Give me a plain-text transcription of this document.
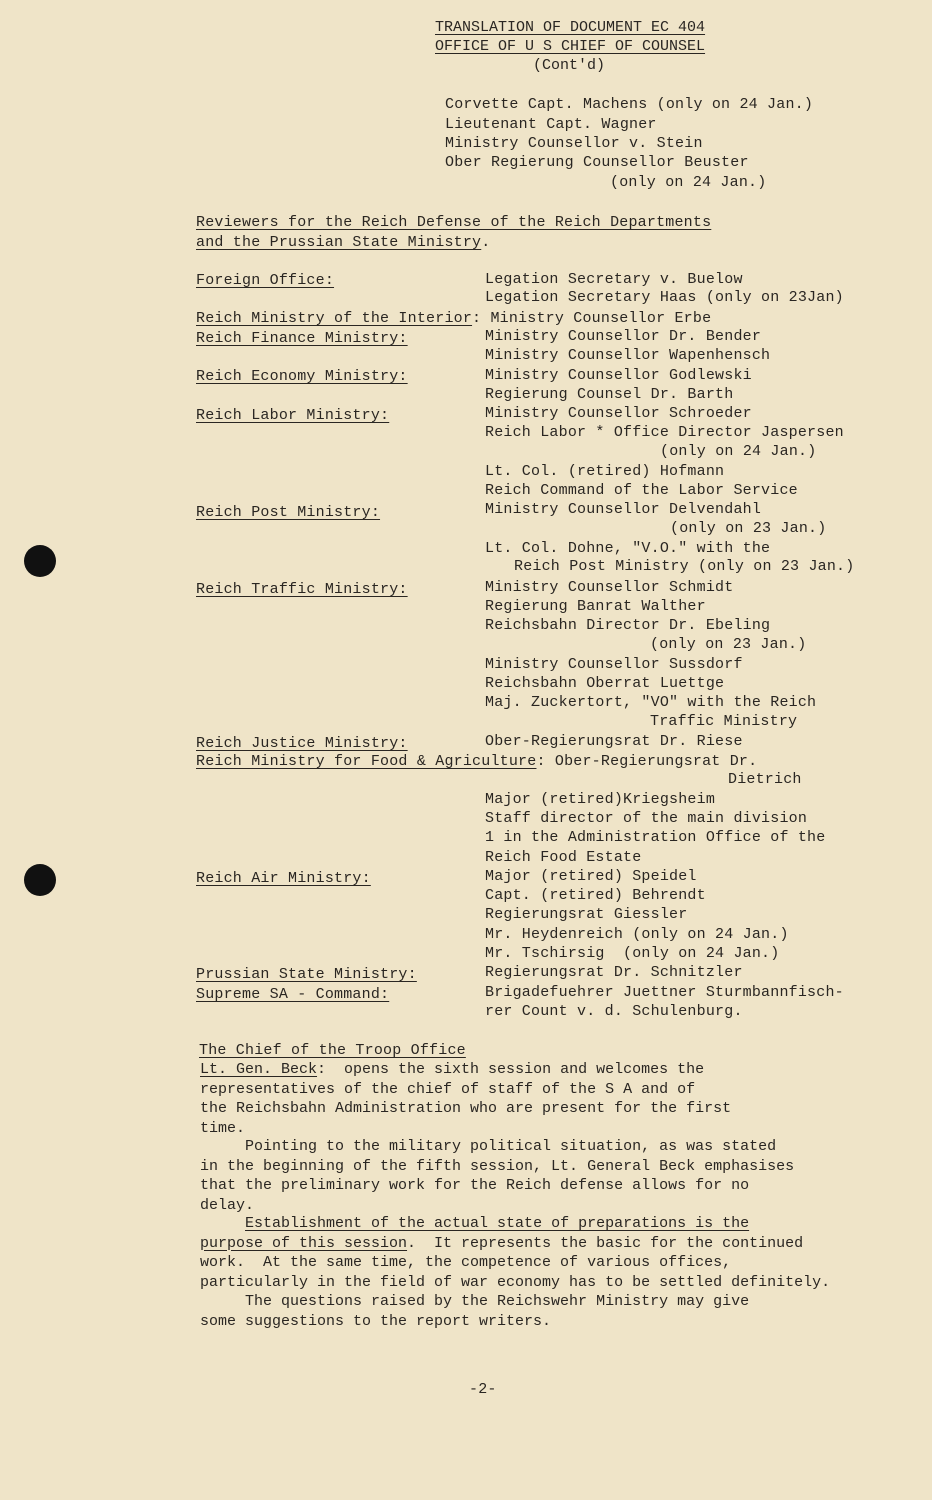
TRANSLATION OF DOCUMENT EC 404
OFFICE OF U S CHIEF OF COUNSEL
(Cont'd)
Corvette Capt. Machens (only on 24 Jan.)
Lieutenant Capt. Wagner
Ministry Counsellor v. Stein
Ober Regierung Counsellor Beuster
(only on 24 Jan.)
Reviewers for the Reich Defense of the Reich Departments
and the Prussian State Ministry.
Foreign Office:	Legation Secretary v. Buelow
Legation Secretary Haas (only on 23Jan)
Reich Ministry of the Interior: Ministry Counsellor Erbe
Reich Finance Ministry:	Ministry Counsellor Dr. Bender
Ministry Counsellor Wapenhensch
Reich Economy Ministry:	Ministry Counsellor Godlewski
Regierung Counsel Dr. Barth
Reich Labor Ministry:	Ministry Counsellor Schroeder
Reich Labor * Office Director Jaspersen
(only on 24 Jan.)
Lt. Col. (retired) Hofmann
Reich Command of the Labor Service
Reich Post Ministry:	Ministry Counsellor Delvendahl
(only on 23 Jan.)
Lt. Col. Dohne, "V.O." with the
Reich Post Ministry (only on 23 Jan.)
Reich Traffic Ministry:	Ministry Counsellor Schmidt
Regierung Banrat Walther
Reichsbahn Director Dr. Ebeling
(only on 23 Jan.)
Ministry Counsellor Sussdorf
Reichsbahn Oberrat Luettge
Maj. Zuckertort, "VO" with the Reich
Traffic Ministry
Reich Justice Ministry:	Ober-Regierungsrat Dr. Riese
Reich Ministry for Food & Agriculture: Ober-Regierungsrat Dr.
Dietrich
Major (retired)Kriegsheim
Staff director of the main division
1 in the Administration Office of the
Reich Food Estate
Reich Air Ministry:	Major (retired) Speidel
Capt. (retired) Behrendt
Regierungsrat Giessler
Mr. Heydenreich (only on 24 Jan.)
Mr. Tschirsig  (only on 24 Jan.)
Prussian State Ministry:	Regierungsrat Dr. Schnitzler
Supreme SA - Command:	Brigadefuehrer Juettner Sturmbannfisch-
rer Count v. d. Schulenburg.
The Chief of the Troop Office

Lt. Gen. Beck:  opens the sixth session and welcomes the

representatives of the chief of staff of the S A and of

the Reichsbahn Administration who are present for the first

time.

Pointing to the military political situation, as was stated

in the beginning of the fifth session, Lt. General Beck emphasises

that the preliminary work for the Reich defense allows for no

delay.

Establishment of the actual state of preparations is the

purpose of this session.  It represents the basic for the continued

work.  At the same time, the competence of various offices,

particularly in the field of war economy has to be settled definitely.

The questions raised by the Reichswehr Ministry may give

some suggestions to the report writers.

-2-
